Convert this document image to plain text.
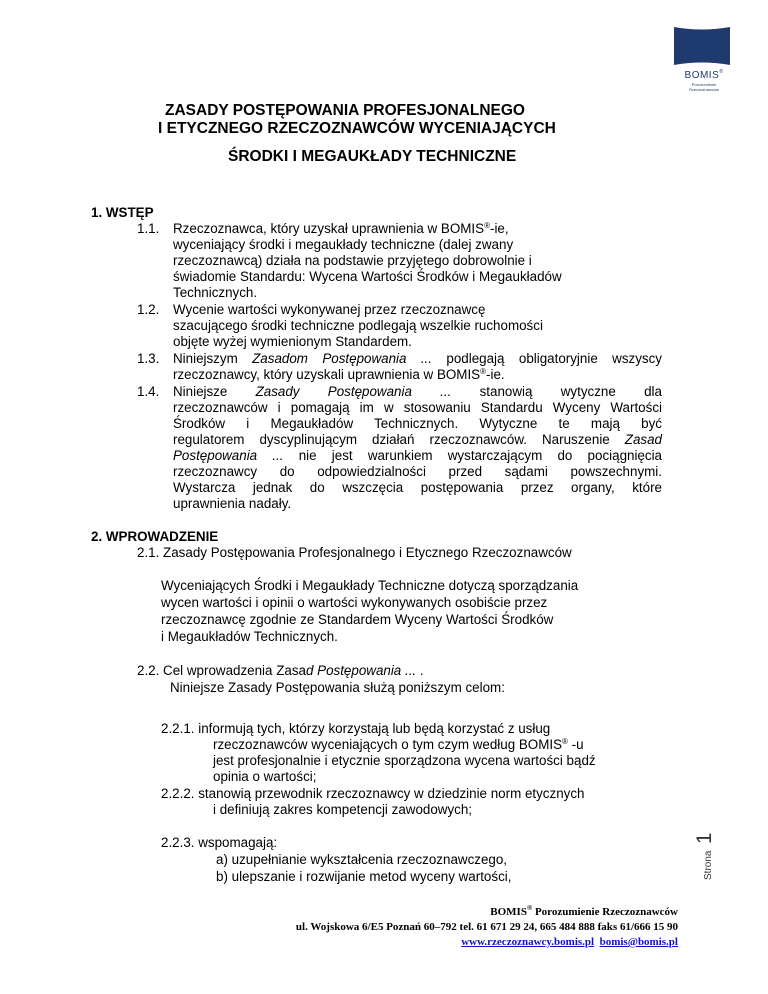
BOMIS®
Porozumienie
Rzeczoznawców
ZASADY POSTĘPOWANIA PROFESJONALNEGO
I ETYCZNEGO RZECZOZNAWCÓW WYCENIAJĄCYCH
ŚRODKI I MEGAUKŁADY TECHNICZNE
1. WSTĘP
1.1. Rzeczoznawca, który uzyskał uprawnienia w BOMIS®-ie,
wyceniający środki i megaukłady techniczne (dalej zwany
rzeczoznawcą) działa na podstawie przyjętego dobrowolnie i
świadomie Standardu: Wycena Wartości Środków i Megaukładów
Technicznych.
1.2. Wycenie wartości wykonywanej przez rzeczoznawcę
szacującego środki techniczne podlegają wszelkie ruchomości
objęte wyżej wymienionym Standardem.
1.3. Niniejszym Zasadom Postępowania ... podlegają obligatoryjnie wszyscy
rzeczoznawcy, który uzyskali uprawnienia w BOMIS®-ie.
1.4. Niniejsze Zasady Postępowania ... stanowią wytyczne dla
rzeczoznawców i pomagają im w stosowaniu Standardu Wyceny Wartości
Środków i Megaukładów Technicznych. Wytyczne te mają być
regulatorem dyscyplinującym działań rzeczoznawców. Naruszenie Zasad
Postępowania ... nie jest warunkiem wystarczającym do pociągnięcia
rzeczoznawcy do odpowiedzialności przed sądami powszechnymi.
Wystarcza jednak do wszczęcia postępowania przez organy, które
uprawnienia nadały.
2. WPROWADZENIE
2.1. Zasady Postępowania Profesjonalnego i Etycznego Rzeczoznawców
Wyceniających Środki i Megaukłady Techniczne dotyczą sporządzania
wycen wartości i opinii o wartości wykonywanych osobiście przez
rzeczoznawcę zgodnie ze Standardem Wyceny Wartości Środków
i Megaukładów Technicznych.
2.2. Cel wprowadzenia Zasad Postępowania ... .
Niniejsze Zasady Postępowania służą poniższym celom:
2.2.1. informują tych, którzy korzystają lub będą korzystać z usług
rzeczoznawców wyceniających o tym czym według BOMIS® -u
jest profesjonalnie i etycznie sporządzona wycena wartości bądź
opinia o wartości;
2.2.2. stanowią przewodnik rzeczoznawcy w dziedzinie norm etycznych
i definiują zakres kompetencji zawodowych;
2.2.3. wspomagają:
a) uzupełnianie wykształcenia rzeczoznawczego,
b) ulepszanie i rozwijanie metod wyceny wartości,	Strona 1
BOMIS® Porozumienie Rzeczoznawców
ul. Wojskowa 6/E5 Poznań 60–792 tel. 61 671 29 24, 665 484 888 faks 61/666 15 90
www.rzeczoznawcy.bomis.pl bomis@bomis.pl
